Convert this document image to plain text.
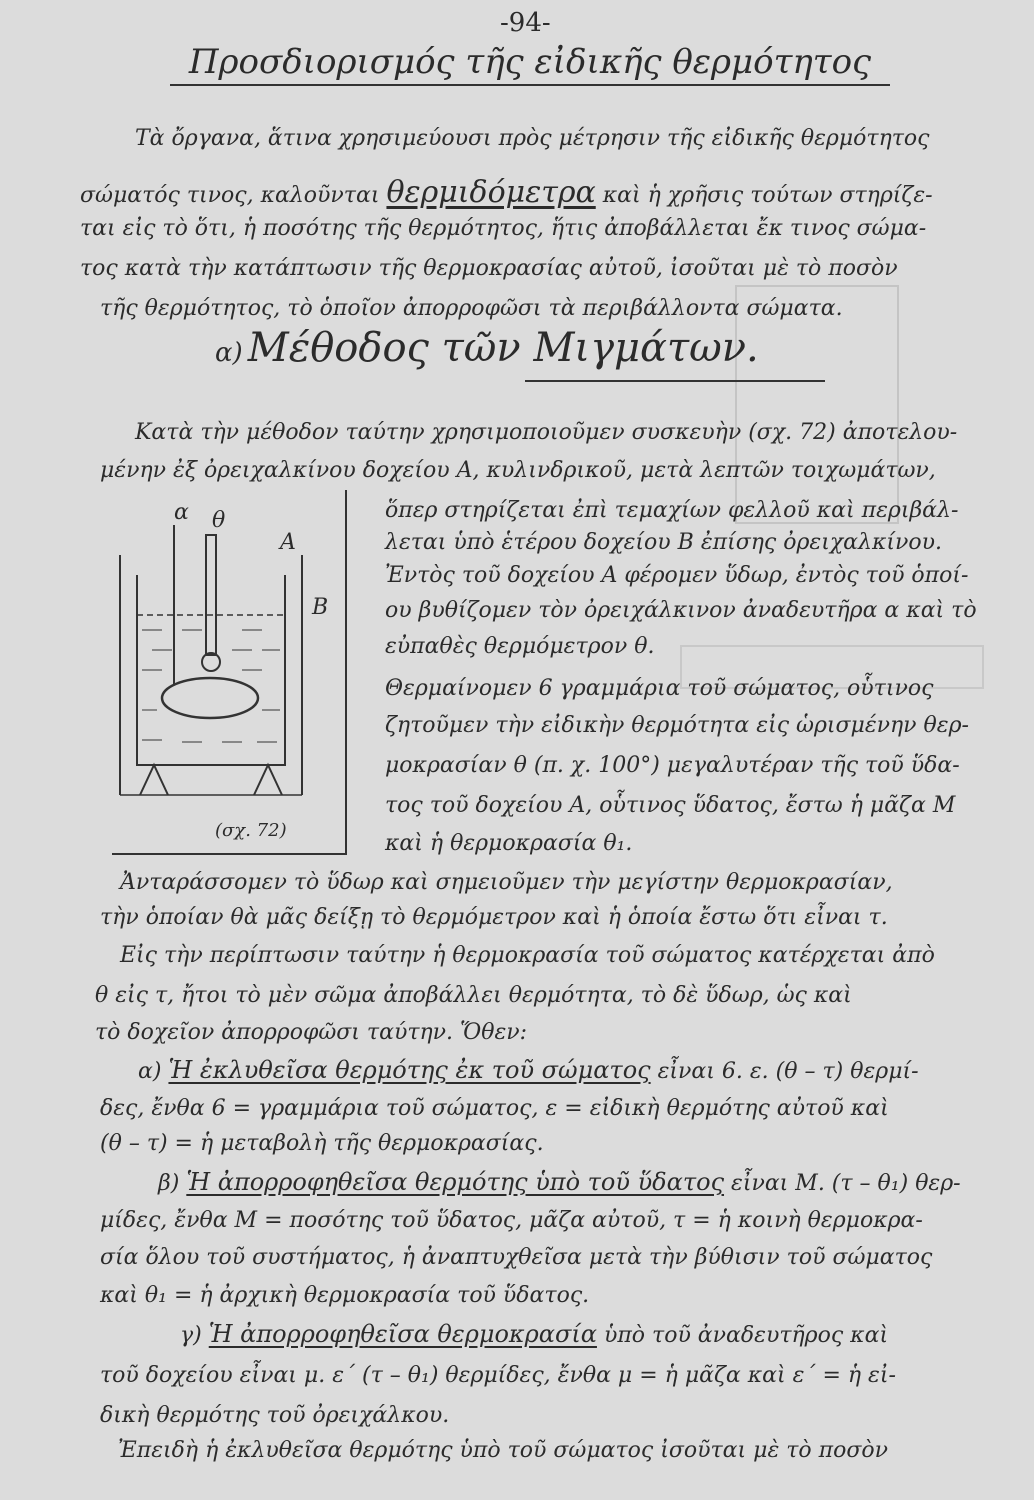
-94-
Προσδιορισμός τῆς εἰδικῆς θερμότητος
Τὰ ὄργανα, ἅτινα χρησιμεύουσι πρὸς μέτρησιν τῆς εἰδικῆς θερμότητος
σώματός τινος, καλοῦνται θερμιδόμετρα καὶ ἡ χρῆσις τούτων στηρίζε-
ται εἰς τὸ ὅτι, ἡ ποσότης τῆς θερμότητος, ἥτις ἀποβάλλεται ἔκ τινος σώμα-
τος κατὰ τὴν κατάπτωσιν τῆς θερμοκρασίας αὐτοῦ, ἰσοῦται μὲ τὸ ποσὸν
τῆς θερμότητος, τὸ ὁποῖον ἀπορροφῶσι τὰ περιβάλλοντα σώματα.
α) Μέθοδος τῶν Μιγμάτων.
Κατὰ τὴν μέθοδον ταύτην χρησιμοποιοῦμεν συσκευὴν (σχ. 72) ἀποτελου-
μένην ἐξ ὀρειχαλκίνου δοχείου Α, κυλινδρικοῦ, μετὰ λεπτῶν τοιχωμάτων,
ὅπερ στηρίζεται ἐπὶ τεμαχίων φελλοῦ καὶ περιβάλ-
λεται ὑπὸ ἑτέρου δοχείου Β ἐπίσης ὀρειχαλκίνου.
Ἐντὸς τοῦ δοχείου Α φέρομεν ὕδωρ, ἐντὸς τοῦ ὁποί-
ου βυθίζομεν τὸν ὀρειχάλκινον ἀναδευτῆρα α καὶ τὸ
εὐπαθὲς θερμόμετρον θ.
Θερμαίνομεν 6 γραμμάρια τοῦ σώματος, οὗτινος
ζητοῦμεν τὴν εἰδικὴν θερμότητα εἰς ὡρισμένην θερ-
μοκρασίαν θ (π. χ. 100°) μεγαλυτέραν τῆς τοῦ ὕδα-
τος τοῦ δοχείου Α, οὗτινος ὕδατος, ἔστω ἡ μᾶζα Μ
καὶ ἡ θερμοκρασία θ₁.
α θ
Α
Β
(σχ. 72)
Ἀνταράσσομεν τὸ ὕδωρ καὶ σημειοῦμεν τὴν μεγίστην θερμοκρασίαν,
τὴν ὁποίαν θὰ μᾶς δείξῃ τὸ θερμόμετρον καὶ ἡ ὁποία ἔστω ὅτι εἶναι τ.
Εἰς τὴν περίπτωσιν ταύτην ἡ θερμοκρασία τοῦ σώματος κατέρχεται ἀπὸ
θ εἰς τ, ἤτοι τὸ μὲν σῶμα ἀποβάλλει θερμότητα, τὸ δὲ ὕδωρ, ὡς καὶ
τὸ δοχεῖον ἀπορροφῶσι ταύτην. Ὅθεν:
α) Ἡ ἐκλυθεῖσα θερμότης ἐκ τοῦ σώματος εἶναι 6. ε. (θ – τ) θερμί-
δες, ἔνθα 6 = γραμμάρια τοῦ σώματος, ε = εἰδικὴ θερμότης αὐτοῦ καὶ
(θ – τ) = ἡ μεταβολὴ τῆς θερμοκρασίας.
β) Ἡ ἀπορροφηθεῖσα θερμότης ὑπὸ τοῦ ὕδατος εἶναι Μ. (τ – θ₁) θερ-
μίδες, ἔνθα Μ = ποσότης τοῦ ὕδατος, μᾶζα αὐτοῦ, τ = ἡ κοινὴ θερμοκρα-
σία ὅλου τοῦ συστήματος, ἡ ἀναπτυχθεῖσα μετὰ τὴν βύθισιν τοῦ σώματος
καὶ θ₁ = ἡ ἀρχικὴ θερμοκρασία τοῦ ὕδατος.
γ) Ἡ ἀπορροφηθεῖσα θερμοκρασία ὑπὸ τοῦ ἀναδευτῆρος καὶ
τοῦ δοχείου εἶναι μ. ε΄ (τ – θ₁) θερμίδες, ἔνθα μ = ἡ μᾶζα καὶ ε΄ = ἡ εἰ-
δικὴ θερμότης τοῦ ὀρειχάλκου.
Ἐπειδὴ ἡ ἐκλυθεῖσα θερμότης ὑπὸ τοῦ σώματος ἰσοῦται μὲ τὸ ποσὸν
